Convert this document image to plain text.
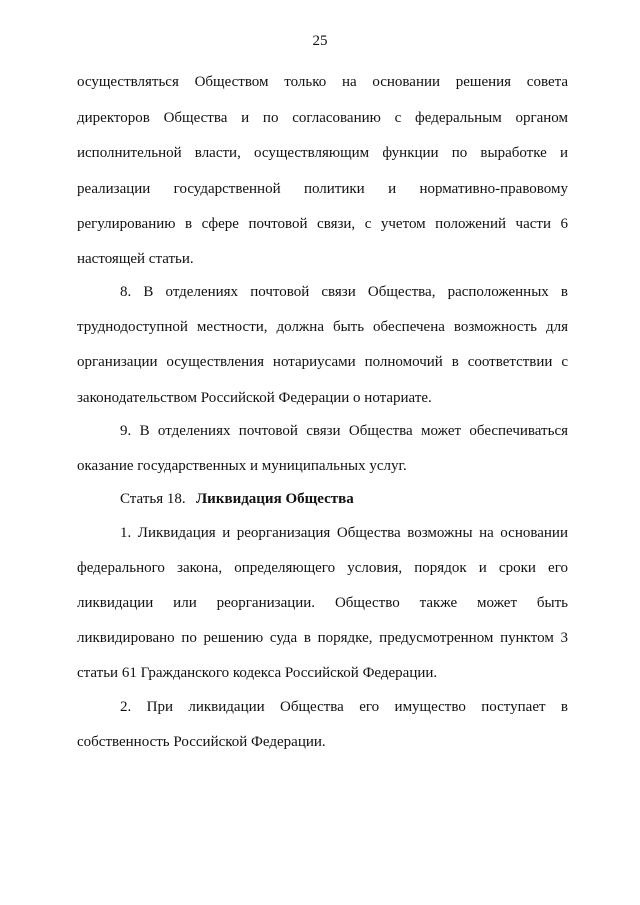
25
осуществляться Обществом только на основании решения совета
директоров Общества и по согласованию с федеральным органом
исполнительной власти, осуществляющим функции по выработке и
реализации государственной политики и нормативно-правовому
регулированию в сфере почтовой связи, с учетом положений части 6
настоящей статьи.
8. В отделениях почтовой связи Общества, расположенных в
труднодоступной местности, должна быть обеспечена возможность для
организации осуществления нотариусами полномочий в соответствии с
законодательством Российской Федерации о нотариате.
9. В отделениях почтовой связи Общества может обеспечиваться
оказание государственных и муниципальных услуг.
Статья 18. Ликвидация Общества
1. Ликвидация и реорганизация Общества возможны на основании
федерального закона, определяющего условия, порядок и сроки его
ликвидации или реорганизации. Общество также может быть
ликвидировано по решению суда в порядке, предусмотренном пунктом 3
статьи 61 Гражданского кодекса Российской Федерации.
2. При ликвидации Общества его имущество поступает в
собственность Российской Федерации.
